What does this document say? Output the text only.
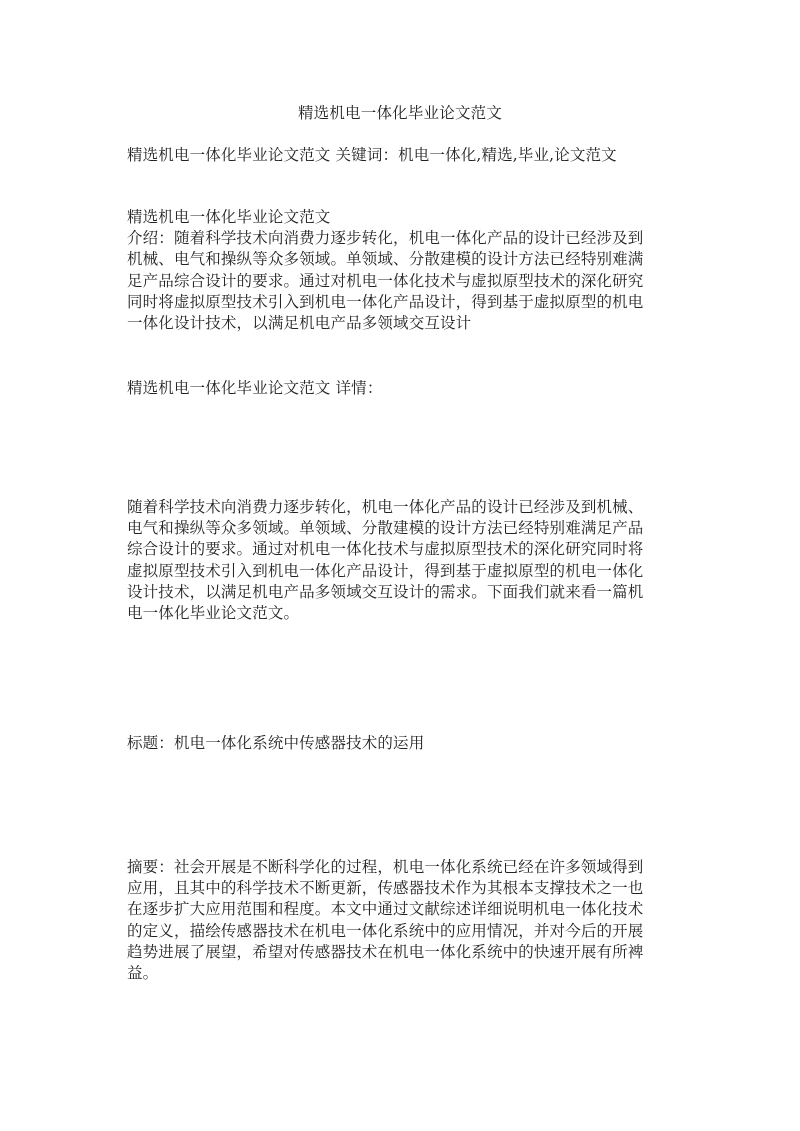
精选机电一体化毕业论文范文
精选机电一体化毕业论文范文 关键词：机电一体化,精选,毕业,论文范文
精选机电一体化毕业论文范文
介绍：随着科学技术向消费力逐步转化，机电一体化产品的设计已经涉及到
机械、电气和操纵等众多领域。单领域、分散建模的设计方法已经特别难满
足产品综合设计的要求。通过对机电一体化技术与虚拟原型技术的深化研究
同时将虚拟原型技术引入到机电一体化产品设计，得到基于虚拟原型的机电
一体化设计技术，以满足机电产品多领域交互设计
精选机电一体化毕业论文范文 详情：
随着科学技术向消费力逐步转化，机电一体化产品的设计已经涉及到机械、
电气和操纵等众多领域。单领域、分散建模的设计方法已经特别难满足产品
综合设计的要求。通过对机电一体化技术与虚拟原型技术的深化研究同时将
虚拟原型技术引入到机电一体化产品设计，得到基于虚拟原型的机电一体化
设计技术，以满足机电产品多领域交互设计的需求。下面我们就来看一篇机
电一体化毕业论文范文。
标题：机电一体化系统中传感器技术的运用
摘要：社会开展是不断科学化的过程，机电一体化系统已经在许多领域得到
应用，且其中的科学技术不断更新，传感器技术作为其根本支撑技术之一也
在逐步扩大应用范围和程度。本文中通过文献综述详细说明机电一体化技术
的定义，描绘传感器技术在机电一体化系统中的应用情况，并对今后的开展
趋势进展了展望，希望对传感器技术在机电一体化系统中的快速开展有所裨
益。
